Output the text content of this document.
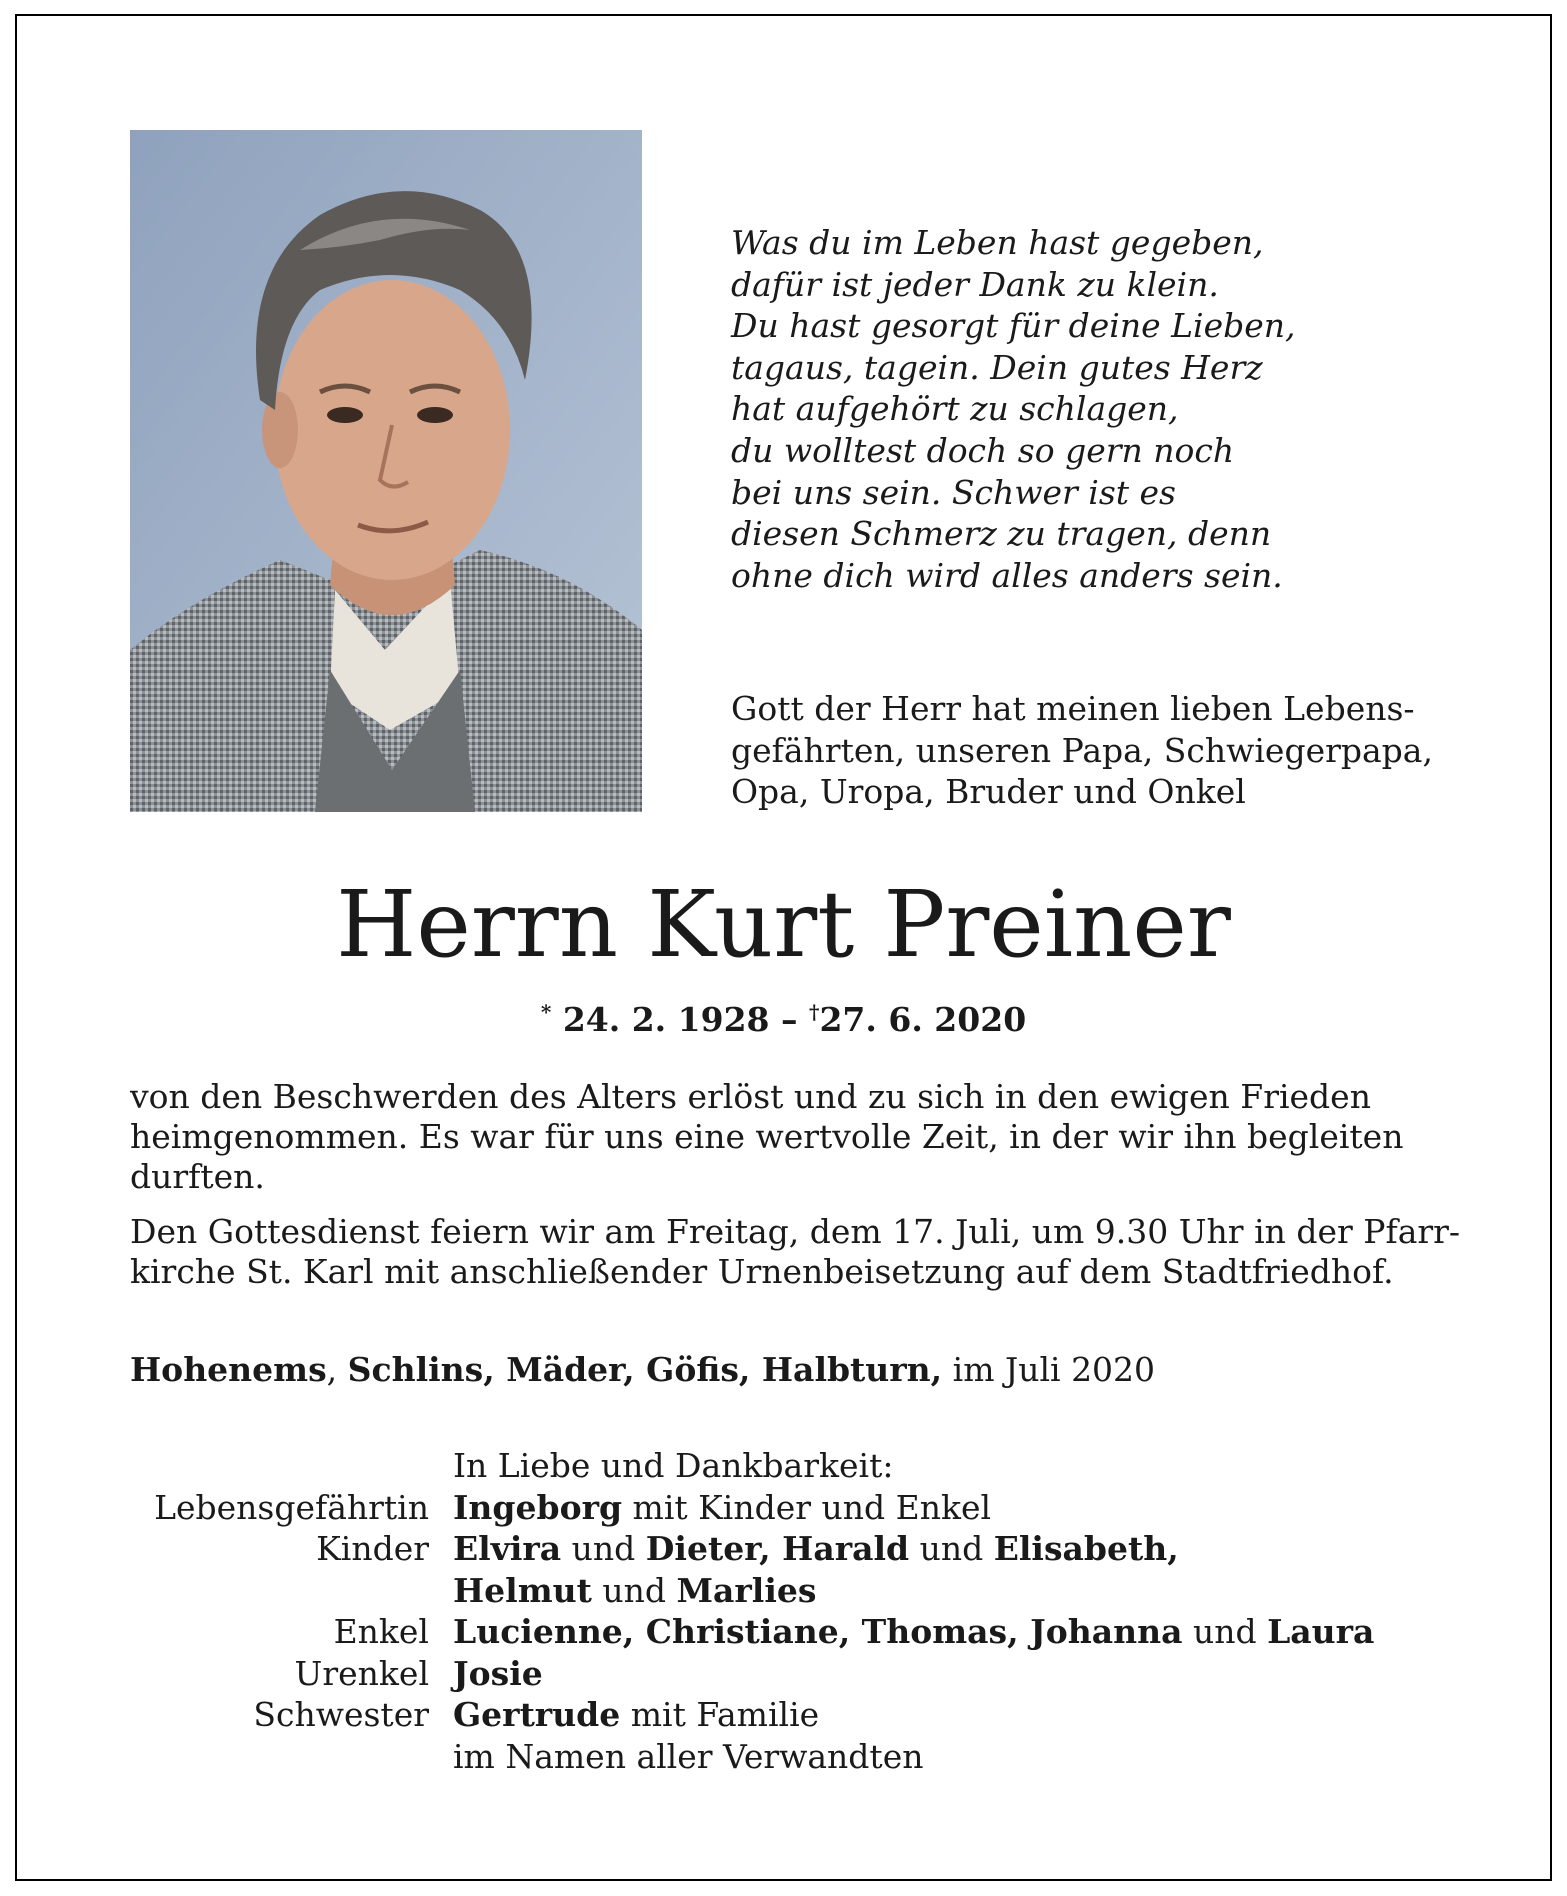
Was du im Leben hast gegeben,
dafür ist jeder Dank zu klein.
Du hast gesorgt für deine Lieben,
tagaus, tagein. Dein gutes Herz
hat aufgehört zu schlagen,
du wolltest doch so gern noch
bei uns sein. Schwer ist es
diesen Schmerz zu tragen, denn
ohne dich wird alles anders sein.
Gott der Herr hat meinen lieben Lebens-
gefährten, unseren Papa, Schwiegerpapa,
Opa, Uropa, Bruder und Onkel
Herrn Kurt Preiner
* 24. 2. 1928 – †27. 6. 2020
von den Beschwerden des Alters erlöst und zu sich in den ewigen Frieden
heimgenommen. Es war für uns eine wertvolle Zeit, in der wir ihn begleiten
durften.
Den Gottesdienst feiern wir am Freitag, dem 17. Juli, um 9.30 Uhr in der Pfarr-
kirche St. Karl mit anschließender Urnenbeisetzung auf dem Stadtfriedhof.
Hohenems, Schlins, Mäder, Göfis, Halbturn, im Juli 2020
In Liebe und Dankbarkeit:
Lebensgefährtin Ingeborg mit Kinder und Enkel
Kinder Elvira und Dieter, Harald und Elisabeth,
Helmut und Marlies
Enkel Lucienne, Christiane, Thomas, Johanna und Laura
Urenkel Josie
Schwester Gertrude mit Familie
im Namen aller Verwandten
